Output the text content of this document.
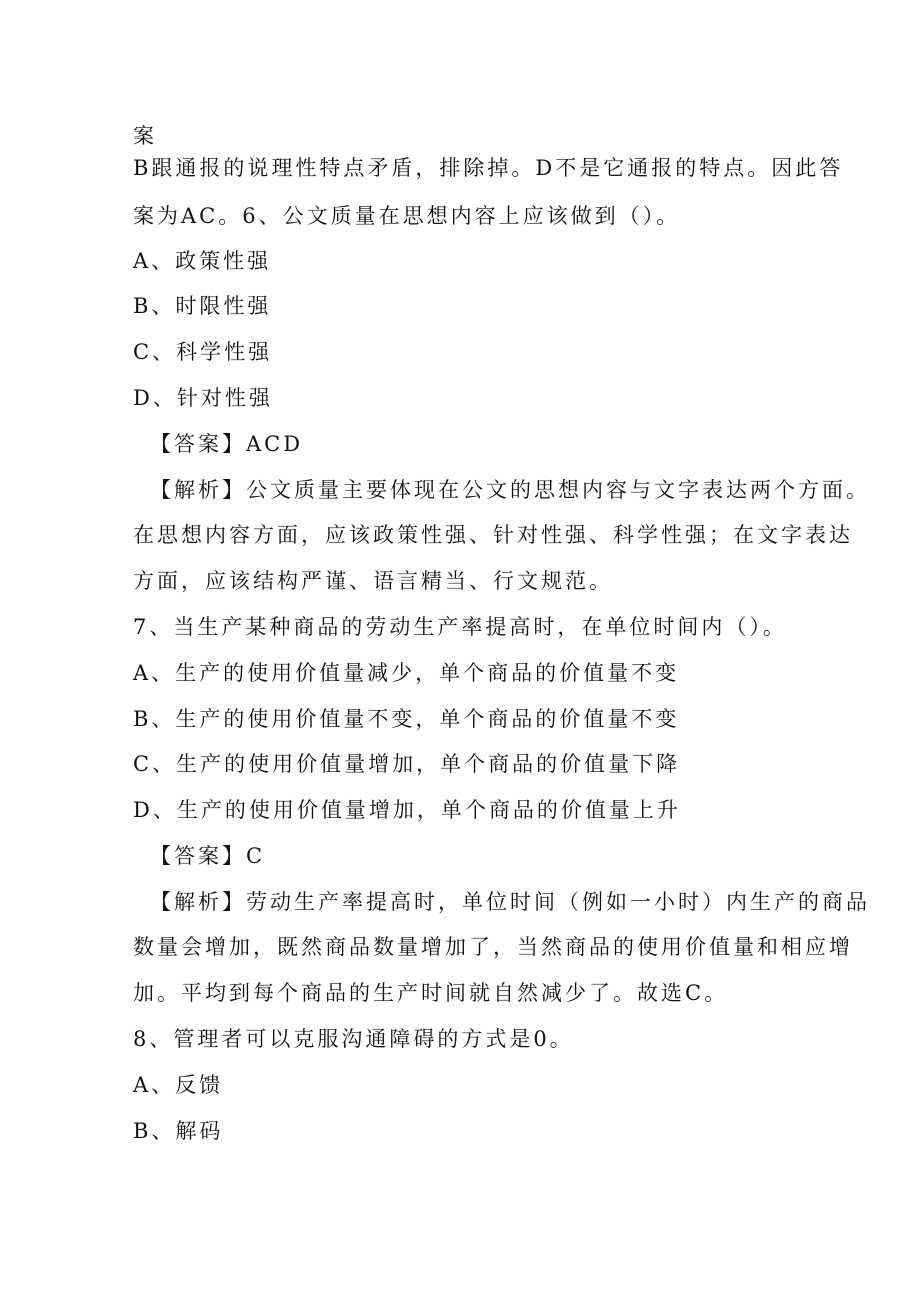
案
B跟通报的说理性特点矛盾，排除掉。D不是它通报的特点。因此答
案为AC。6、公文质量在思想内容上应该做到（）。
A、政策性强
B、时限性强
C、科学性强
D、针对性强
【答案】ACD
【解析】公文质量主要体现在公文的思想内容与文字表达两个方面。
在思想内容方面，应该政策性强、针对性强、科学性强；在文字表达
方面，应该结构严谨、语言精当、行文规范。
7、当生产某种商品的劳动生产率提高时，在单位时间内（）。
A、生产的使用价值量减少，单个商品的价值量不变
B、生产的使用价值量不变，单个商品的价值量不变
C、生产的使用价值量增加，单个商品的价值量下降
D、生产的使用价值量增加，单个商品的价值量上升
【答案】C
【解析】劳动生产率提高时，单位时间（例如一小时）内生产的商品
数量会增加，既然商品数量增加了，当然商品的使用价值量和相应增
加。平均到每个商品的生产时间就自然减少了。故选C。
8、管理者可以克服沟通障碍的方式是0。
A、反馈
B、解码
